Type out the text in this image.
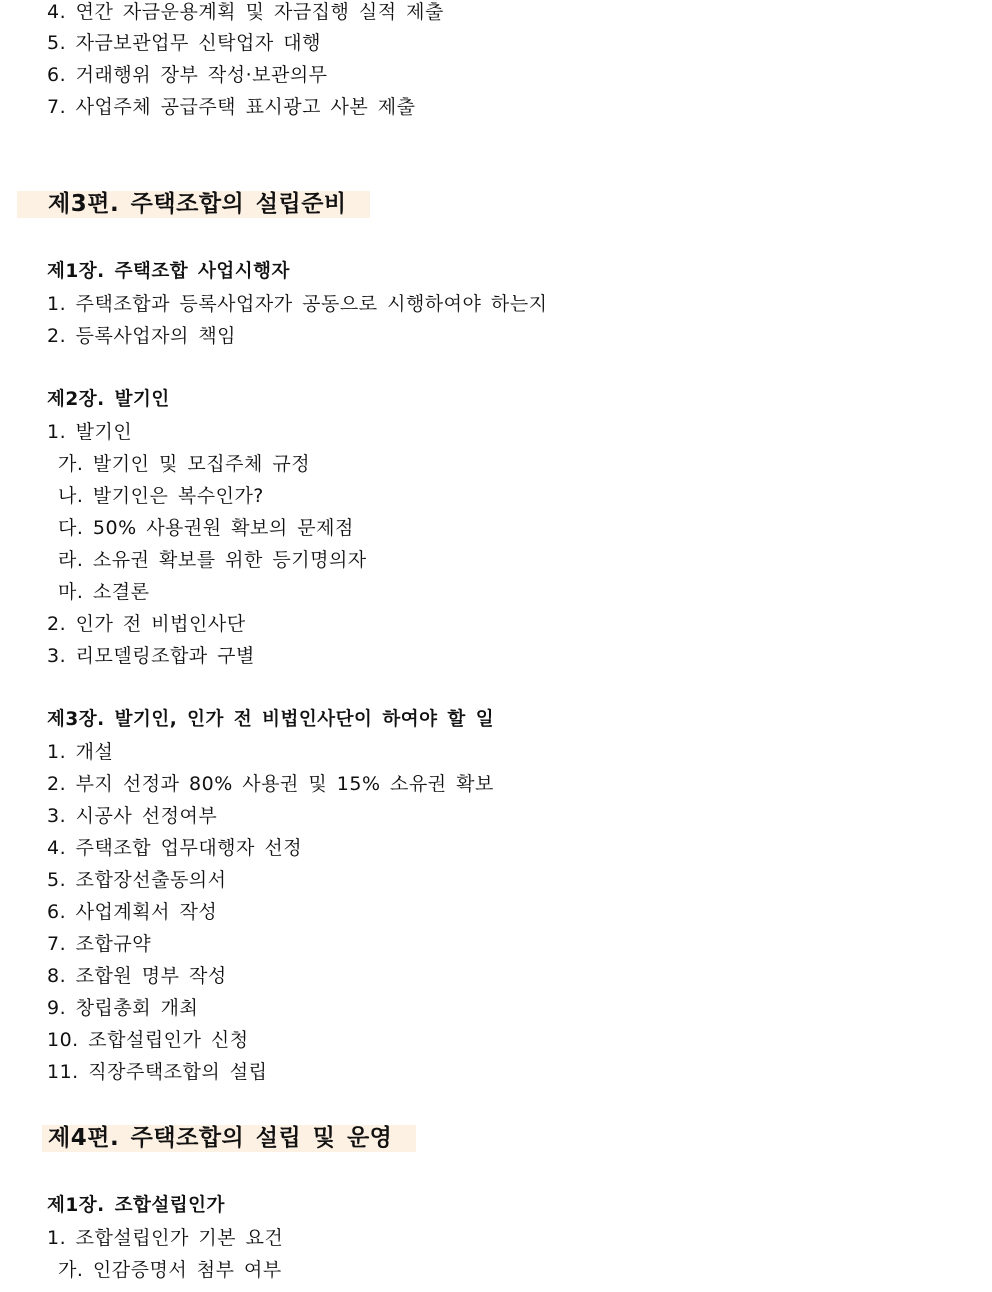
4. 연간 자금운용계획 및 자금집행 실적 제출
5. 자금보관업무 신탁업자 대행
6. 거래행위 장부 작성·보관의무
7. 사업주체 공급주택 표시광고 사본 제출
제3편. 주택조합의 설립준비
제1장. 주택조합 사업시행자
1. 주택조합과 등록사업자가 공동으로 시행하여야 하는지
2. 등록사업자의 책임
제2장. 발기인
1. 발기인
가. 발기인 및 모집주체 규정
나. 발기인은 복수인가?
다. 50% 사용권원 확보의 문제점
라. 소유권 확보를 위한 등기명의자
마. 소결론
2. 인가 전 비법인사단
3. 리모델링조합과 구별
제3장. 발기인, 인가 전 비법인사단이 하여야 할 일
1. 개설
2. 부지 선정과 80% 사용권 및 15% 소유권 확보
3. 시공사 선정여부
4. 주택조합 업무대행자 선정
5. 조합장선출동의서
6. 사업계획서 작성
7. 조합규약
8. 조합원 명부 작성
9. 창립총회 개최
10. 조합설립인가 신청
11. 직장주택조합의 설립
제4편. 주택조합의 설립 및 운영
제1장. 조합설립인가
1. 조합설립인가 기본 요건
가. 인감증명서 첨부 여부
